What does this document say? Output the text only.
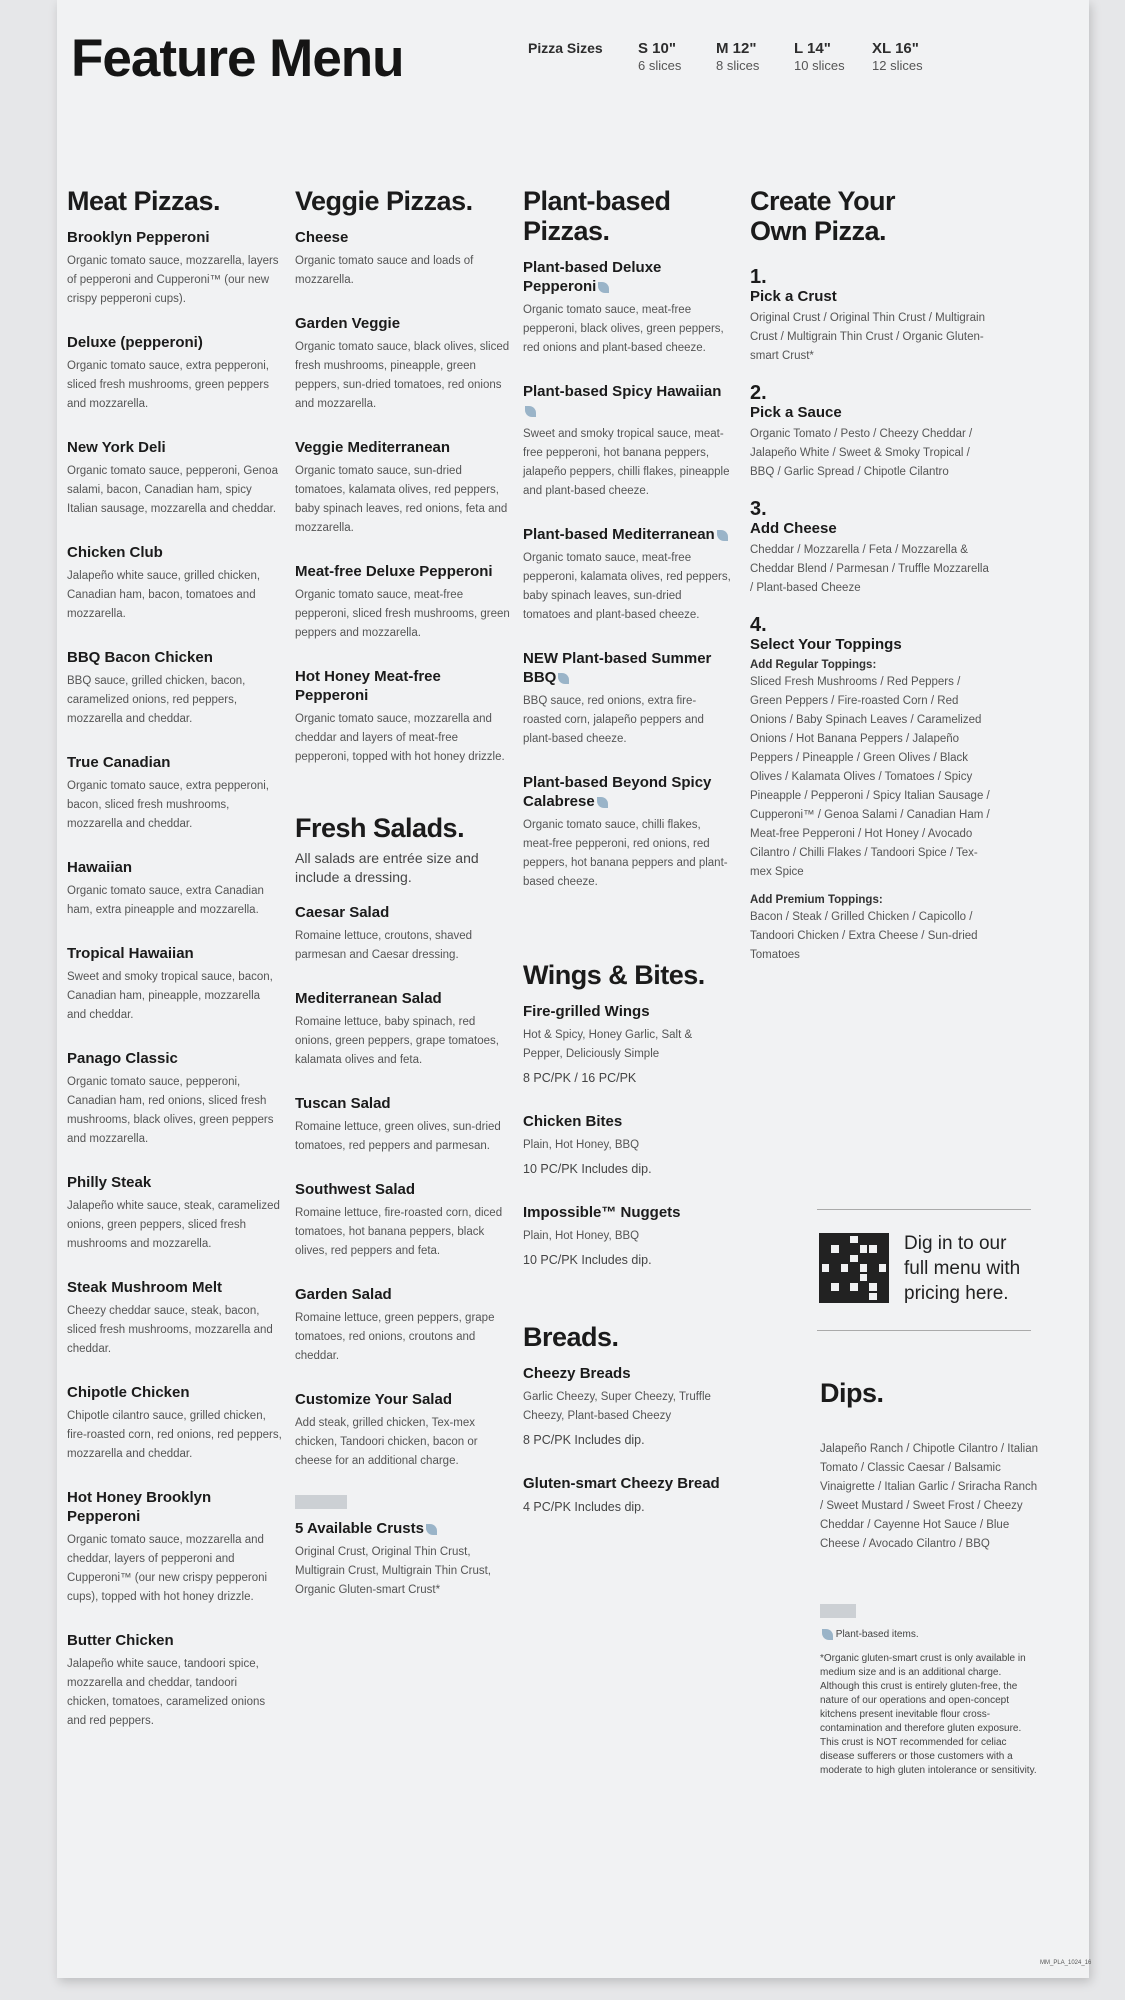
Feature Menu	Pizza Sizes	S 10"
6 slices
M 12"
8 slices
L 14"
10 slices
XL 16"
12 slices
Meat Pizzas.
Brooklyn Pepperoni
Organic tomato sauce, mozzarella, layers of pepperoni and Cupperoni™ (our new crispy pepperoni cups).
Deluxe (pepperoni)
Organic tomato sauce, extra pepperoni, sliced fresh mushrooms, green peppers and mozzarella.
New York Deli
Organic tomato sauce, pepperoni, Genoa salami, bacon, Canadian ham, spicy Italian sausage, mozzarella and cheddar.
Chicken Club
Jalapeño white sauce, grilled chicken, Canadian ham, bacon, tomatoes and mozzarella.
BBQ Bacon Chicken
BBQ sauce, grilled chicken, bacon, caramelized onions, red peppers, mozzarella and cheddar.
True Canadian
Organic tomato sauce, extra pepperoni, bacon, sliced fresh mushrooms, mozzarella and cheddar.
Hawaiian
Organic tomato sauce, extra Canadian ham, extra pineapple and mozzarella.
Tropical Hawaiian
Sweet and smoky tropical sauce, bacon, Canadian ham, pineapple, mozzarella and cheddar.
Panago Classic
Organic tomato sauce, pepperoni, Canadian ham, red onions, sliced fresh mushrooms, black olives, green peppers and mozzarella.
Philly Steak
Jalapeño white sauce, steak, caramelized onions, green peppers, sliced fresh mushrooms and mozzarella.
Steak Mushroom Melt
Cheezy cheddar sauce, steak, bacon, sliced fresh mushrooms, mozzarella and cheddar.
Chipotle Chicken
Chipotle cilantro sauce, grilled chicken, fire-roasted corn, red onions, red peppers, mozzarella and cheddar.
Hot Honey Brooklyn Pepperoni
Organic tomato sauce, mozzarella and cheddar, layers of pepperoni and Cupperoni™ (our new crispy pepperoni cups), topped with hot honey drizzle.
Butter Chicken
Jalapeño white sauce, tandoori spice, mozzarella and cheddar, tandoori chicken, tomatoes, caramelized onions and red peppers.
Veggie Pizzas.
Cheese
Organic tomato sauce and loads of mozzarella.
Garden Veggie
Organic tomato sauce, black olives, sliced fresh mushrooms, pineapple, green peppers, sun-dried tomatoes, red onions and mozzarella.
Veggie Mediterranean
Organic tomato sauce, sun-dried tomatoes, kalamata olives, red peppers, baby spinach leaves, red onions, feta and mozzarella.
Meat-free Deluxe Pepperoni
Organic tomato sauce, meat-free pepperoni, sliced fresh mushrooms, green peppers and mozzarella.
Hot Honey Meat-free Pepperoni
Organic tomato sauce, mozzarella and cheddar and layers of meat-free pepperoni, topped with hot honey drizzle.
Fresh Salads.
All salads are entrée size and include a dressing.
Caesar Salad
Romaine lettuce, croutons, shaved parmesan and Caesar dressing.
Mediterranean Salad
Romaine lettuce, baby spinach, red onions, green peppers, grape tomatoes, kalamata olives and feta.
Tuscan Salad
Romaine lettuce, green olives, sun-dried tomatoes, red peppers and parmesan.
Southwest Salad
Romaine lettuce, fire-roasted corn, diced tomatoes, hot banana peppers, black olives, red peppers and feta.
Garden Salad
Romaine lettuce, green peppers, grape tomatoes, red onions, croutons and cheddar.
Customize Your Salad
Add steak, grilled chicken, Tex-mex chicken, Tandoori chicken, bacon or cheese for an additional charge.
5 Available Crusts
Original Crust, Original Thin Crust, Multigrain Crust, Multigrain Thin Crust, Organic Gluten-smart Crust*
Plant-based Pizzas.
Plant-based Deluxe Pepperoni
Organic tomato sauce, meat-free pepperoni, black olives, green peppers, red onions and plant-based cheeze.
Plant-based Spicy Hawaiian
Sweet and smoky tropical sauce, meat-free pepperoni, hot banana peppers, jalapeño peppers, chilli flakes, pineapple and plant-based cheeze.
Plant-based Mediterranean
Organic tomato sauce, meat-free pepperoni, kalamata olives, red peppers, baby spinach leaves, sun-dried tomatoes and plant-based cheeze.
NEW Plant-based Summer BBQ
BBQ sauce, red onions, extra fire-roasted corn, jalapeño peppers and plant-based cheeze.
Plant-based Beyond Spicy Calabrese
Organic tomato sauce, chilli flakes, meat-free pepperoni, red onions, red peppers, hot banana peppers and plant-based cheeze.
Wings & Bites.
Fire-grilled Wings
Hot & Spicy, Honey Garlic, Salt & Pepper, Deliciously Simple
8 PC/PK / 16 PC/PK
Chicken Bites
Plain, Hot Honey, BBQ
10 PC/PK Includes dip.
Impossible™ Nuggets
Plain, Hot Honey, BBQ
10 PC/PK Includes dip.
Breads.
Cheezy Breads
Garlic Cheezy, Super Cheezy, Truffle Cheezy, Plant-based Cheezy
8 PC/PK Includes dip.
Gluten-smart Cheezy Bread
4 PC/PK Includes dip.
Create Your Own Pizza.
1.
Pick a Crust
Original Crust / Original Thin Crust / Multigrain Crust / Multigrain Thin Crust / Organic Gluten-smart Crust*
2.
Pick a Sauce
Organic Tomato / Pesto / Cheezy Cheddar / Jalapeño White / Sweet & Smoky Tropical / BBQ / Garlic Spread / Chipotle Cilantro
3.
Add Cheese
Cheddar / Mozzarella / Feta / Mozzarella & Cheddar Blend / Parmesan / Truffle Mozzarella / Plant-based Cheeze
4.
Select Your Toppings
Add Regular Toppings:
Sliced Fresh Mushrooms / Red Peppers / Green Peppers / Fire-roasted Corn / Red Onions / Baby Spinach Leaves / Caramelized Onions / Hot Banana Peppers / Jalapeño Peppers / Pineapple / Green Olives / Black Olives / Kalamata Olives / Tomatoes / Spicy Pineapple / Pepperoni / Spicy Italian Sausage / Cupperoni™ / Genoa Salami / Canadian Ham / Meat-free Pepperoni / Hot Honey / Avocado Cilantro / Chilli Flakes / Tandoori Spice / Tex-mex Spice
Add Premium Toppings:
Bacon / Steak / Grilled Chicken / Capicollo / Tandoori Chicken / Extra Cheese / Sun-dried Tomatoes
Dig in to our full menu with pricing here.
Dips.
Jalapeño Ranch / Chipotle Cilantro / Italian Tomato / Classic Caesar / Balsamic Vinaigrette / Italian Garlic / Sriracha Ranch / Sweet Mustard / Sweet Frost / Cheezy Cheddar / Cayenne Hot Sauce / Blue Cheese / Avocado Cilantro / BBQ
Plant-based items.
*Organic gluten-smart crust is only available in medium size and is an additional charge. Although this crust is entirely gluten-free, the nature of our operations and open-concept kitchens present inevitable flour cross-contamination and therefore gluten exposure. This crust is NOT recommended for celiac disease sufferers or those customers with a moderate to high gluten intolerance or sensitivity.
MM_PLA_1024_16
